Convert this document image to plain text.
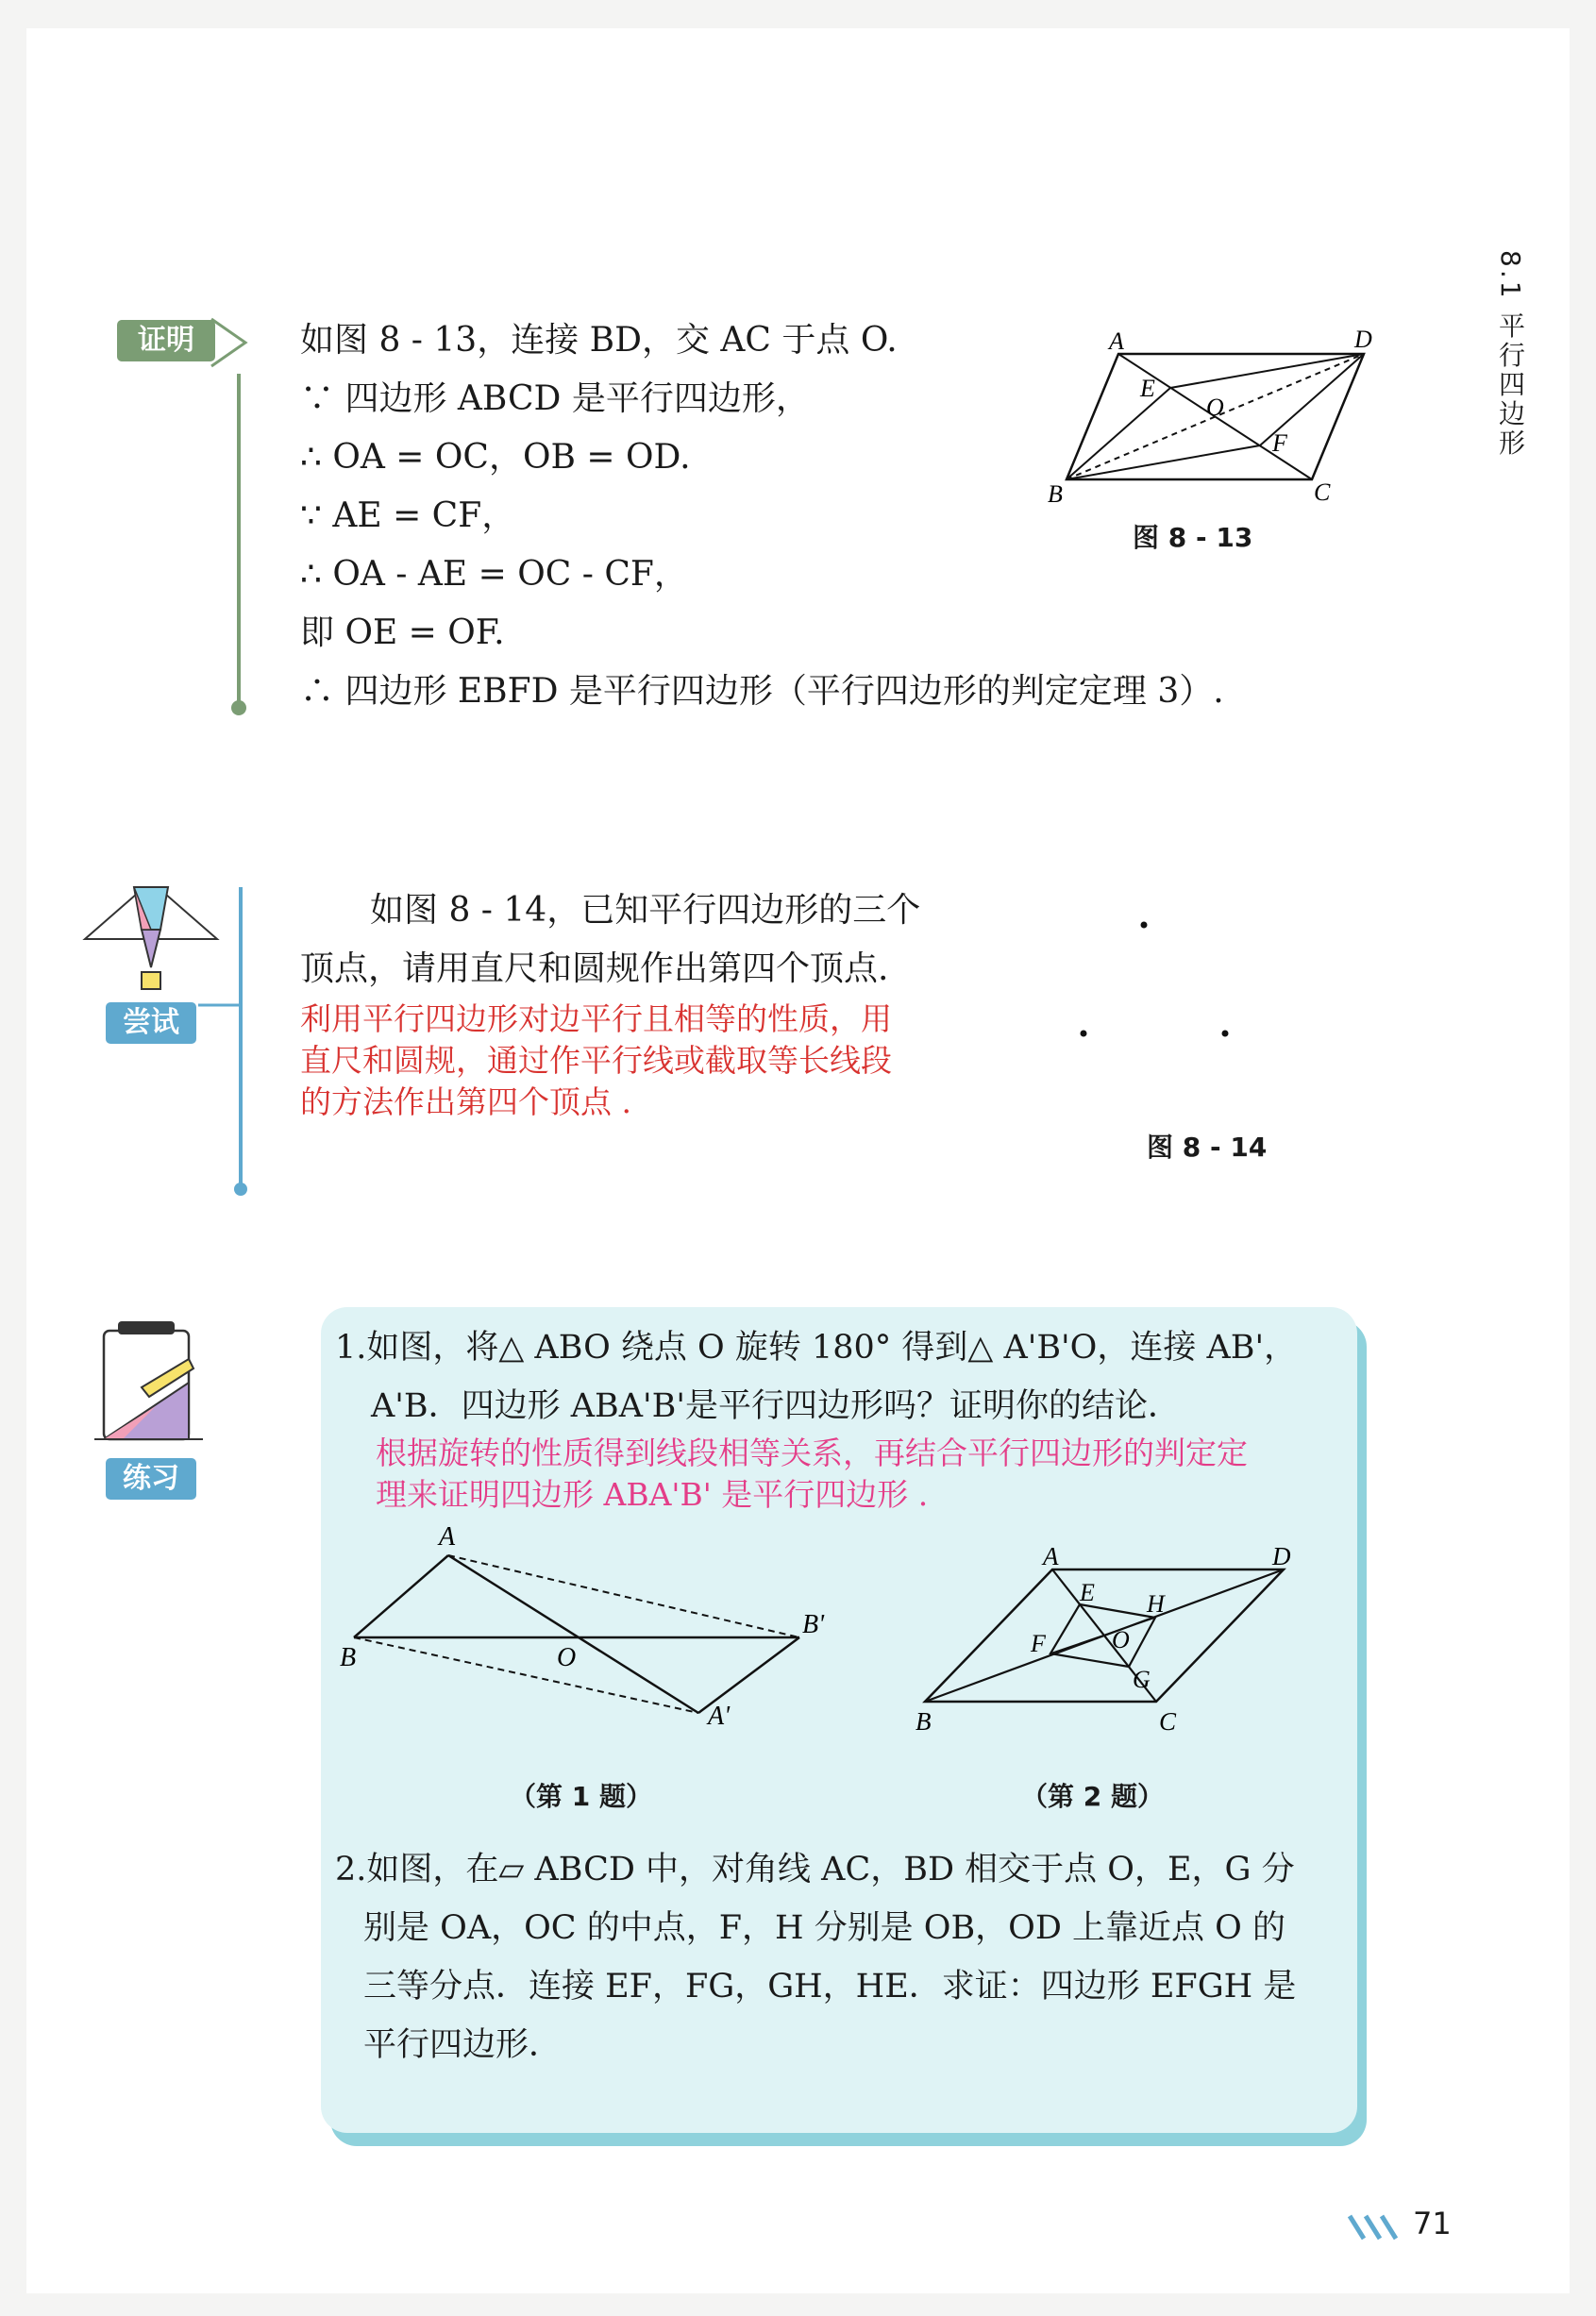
8.1 平行四边形
证明	如图 8 - 13，连接 BD，交 AC 于点 O.
∵ 四边形 ABCD 是平行四边形，
∴ OA = OC，OB = OD.
∵ AE = CF，
∴ OA - AE = OC - CF，
即 OE = OF.
∴ 四边形 EBFD 是平行四边形（平行四边形的判定定理 3）.
A	D
B	C
E
F
O
图 8 - 13
尝试
如图 8 - 14，已知平行四边形的三个
顶点，请用直尺和圆规作出第四个顶点.
利用平行四边形对边平行且相等的性质，用
直尺和圆规，通过作平行线或截取等长线段
的方法作出第四个顶点 .
图 8 - 14
练习
1.如图，将△ ABO 绕点 O 旋转 180° 得到△ A'B'O，连接 AB'，
A'B．四边形 ABA'B'是平行四边形吗？证明你的结论．
根据旋转的性质得到线段相等关系，再结合平行四边形的判定定
理来证明四边形 ABA'B' 是平行四边形 .
A
B	O
B'
A'
（第 1 题）
A	D
B	C
E
F
H
G
O
（第 2 题）
2.如图，在▱ ABCD 中，对角线 AC，BD 相交于点 O，E，G 分
别是 OA，OC 的中点，F，H 分别是 OB，OD 上靠近点 O 的
三等分点．连接 EF，FG，GH，HE．求证：四边形 EFGH 是
平行四边形．
71
